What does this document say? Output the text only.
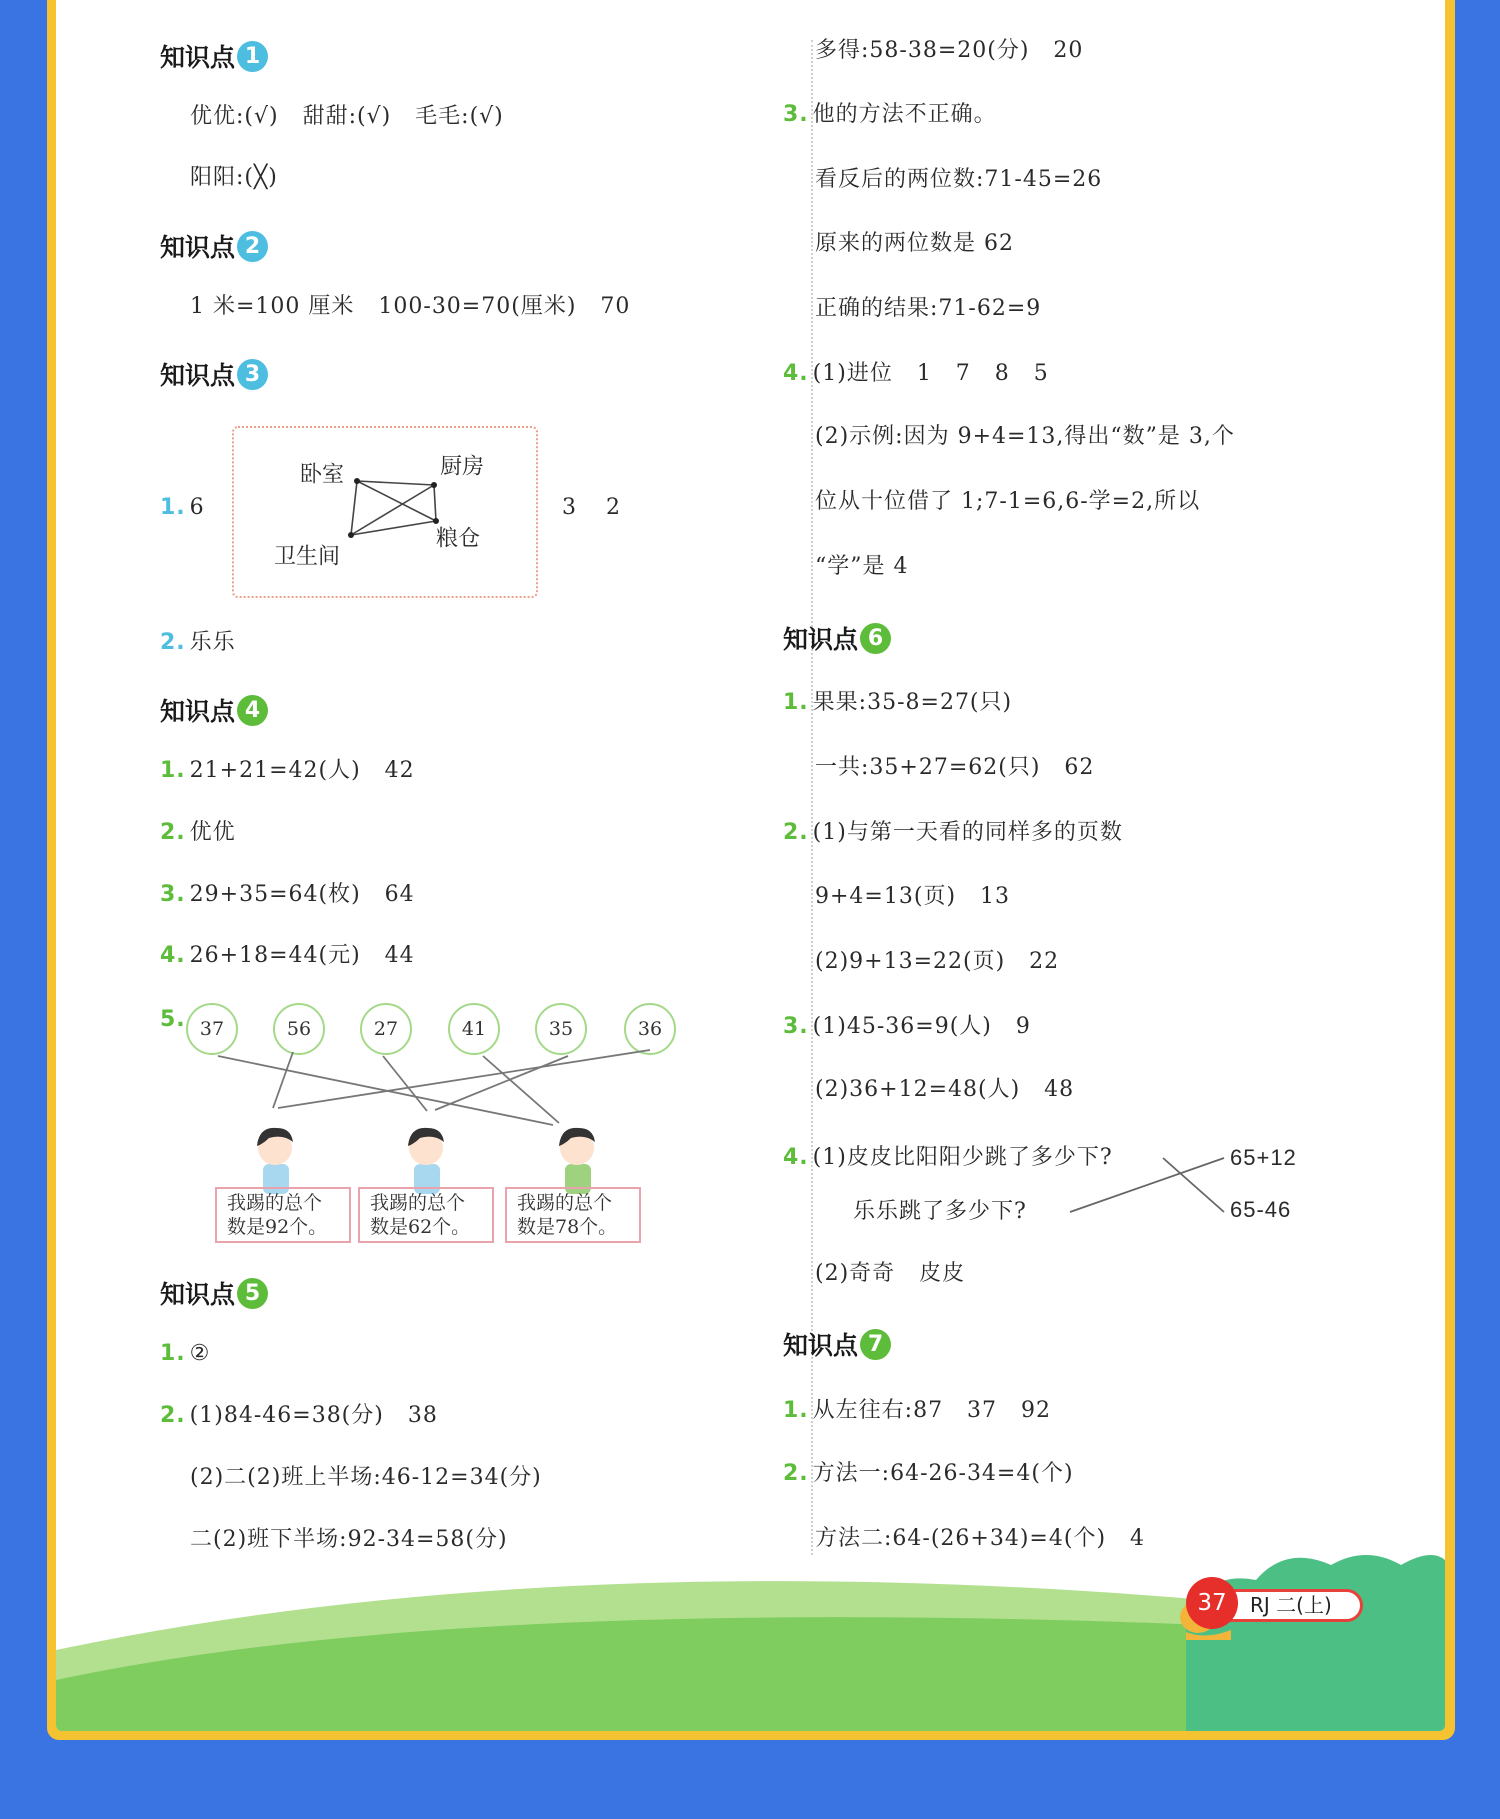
知识点 1
优优:(√)   甜甜:(√)   毛毛:(√)
阳阳:(╳)
知识点 2
1 米=100 厘米   100-30=70(厘米)   70
知识点 3
1. 6
卧室	厨房
粮仓
卫生间
3 2
2. 乐乐
知识点 4
1. 21+21=42(人)   42
2. 优优
3. 29+35=64(枚)   64
4. 26+18=44(元)   44
5. 37	56	27	41	35	36
我踢的总个
数是92个。
我踢的总个
数是62个。
我踢的总个
数是78个。
知识点 5
1. ②
2. (1)84-46=38(分)   38
(2)二(2)班上半场:46-12=34(分)
二(2)班下半场:92-34=58(分)
多得:58-38=20(分)   20
3. 他的方法不正确。
看反后的两位数:71-45=26
原来的两位数是 62
正确的结果:71-62=9
4. (1)进位   1   7   8   5
(2)示例:因为 9+4=13,得出“数”是 3,个
位从十位借了 1;7-1=6,6-学=2,所以
“学”是 4
知识点 6
1. 果果:35-8=27(只)
一共:35+27=62(只)   62
2. (1)与第一天看的同样多的页数
9+4=13(页)   13
(2)9+13=22(页)   22
3. (1)45-36=9(人)   9
(2)36+12=48(人)   48
4. (1)皮皮比阳阳少跳了多少下?
乐乐跳了多少下?
65+12
65-46
(2)奇奇   皮皮
知识点 7
1. 从左往右:87   37   92
2. 方法一:64-26-34=4(个)
方法二:64-(26+34)=4(个)   4
RJ 二(上)
37
